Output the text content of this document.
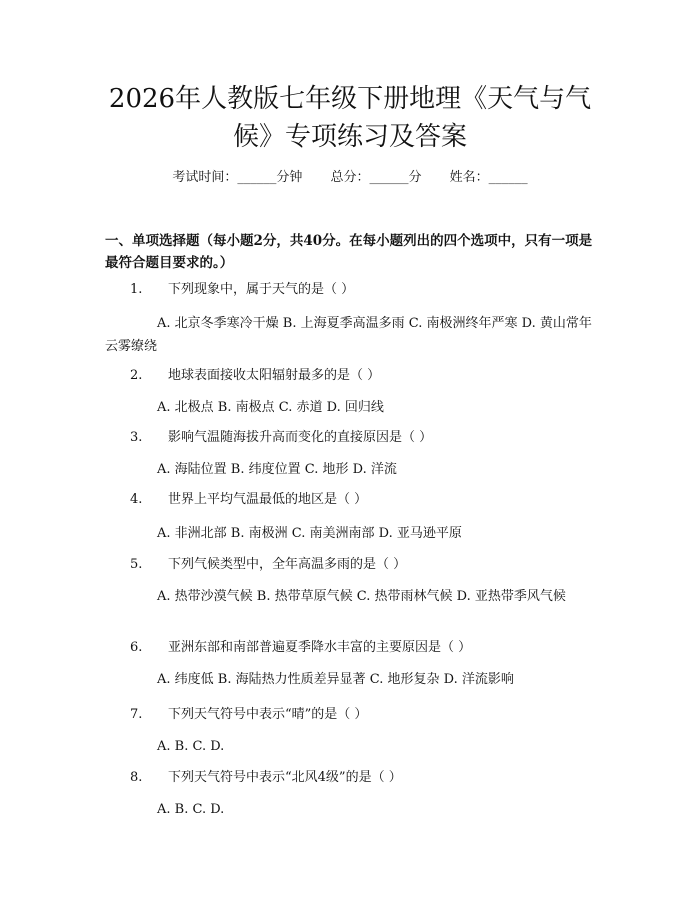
2026年人教版七年级下册地理《天气与气候》专项练习及答案
考试时间：______分钟 总分：______分 姓名：______
一、单项选择题（每小题2分，共40分。在每小题列出的四个选项中，只有一项是最符合题目要求的。）
1. 下列现象中，属于天气的是（ ）
A. 北京冬季寒冷干燥 B. 上海夏季高温多雨 C. 南极洲终年严寒 D. 黄山常年云雾缭绕
2. 地球表面接收太阳辐射最多的是（ ）
A. 北极点 B. 南极点 C. 赤道 D. 回归线
3. 影响气温随海拔升高而变化的直接原因是（ ）
A. 海陆位置 B. 纬度位置 C. 地形 D. 洋流
4. 世界上平均气温最低的地区是（ ）
A. 非洲北部 B. 南极洲 C. 南美洲南部 D. 亚马逊平原
5. 下列气候类型中，全年高温多雨的是（ ）
A. 热带沙漠气候 B. 热带草原气候 C. 热带雨林气候 D. 亚热带季风气候
6. 亚洲东部和南部普遍夏季降水丰富的主要原因是（ ）
A. 纬度低 B. 海陆热力性质差异显著 C. 地形复杂 D. 洋流影响
7. 下列天气符号中表示“晴”的是（ ）
A. B. C. D.
8. 下列天气符号中表示“北风4级”的是（ ）
A. B. C. D.
